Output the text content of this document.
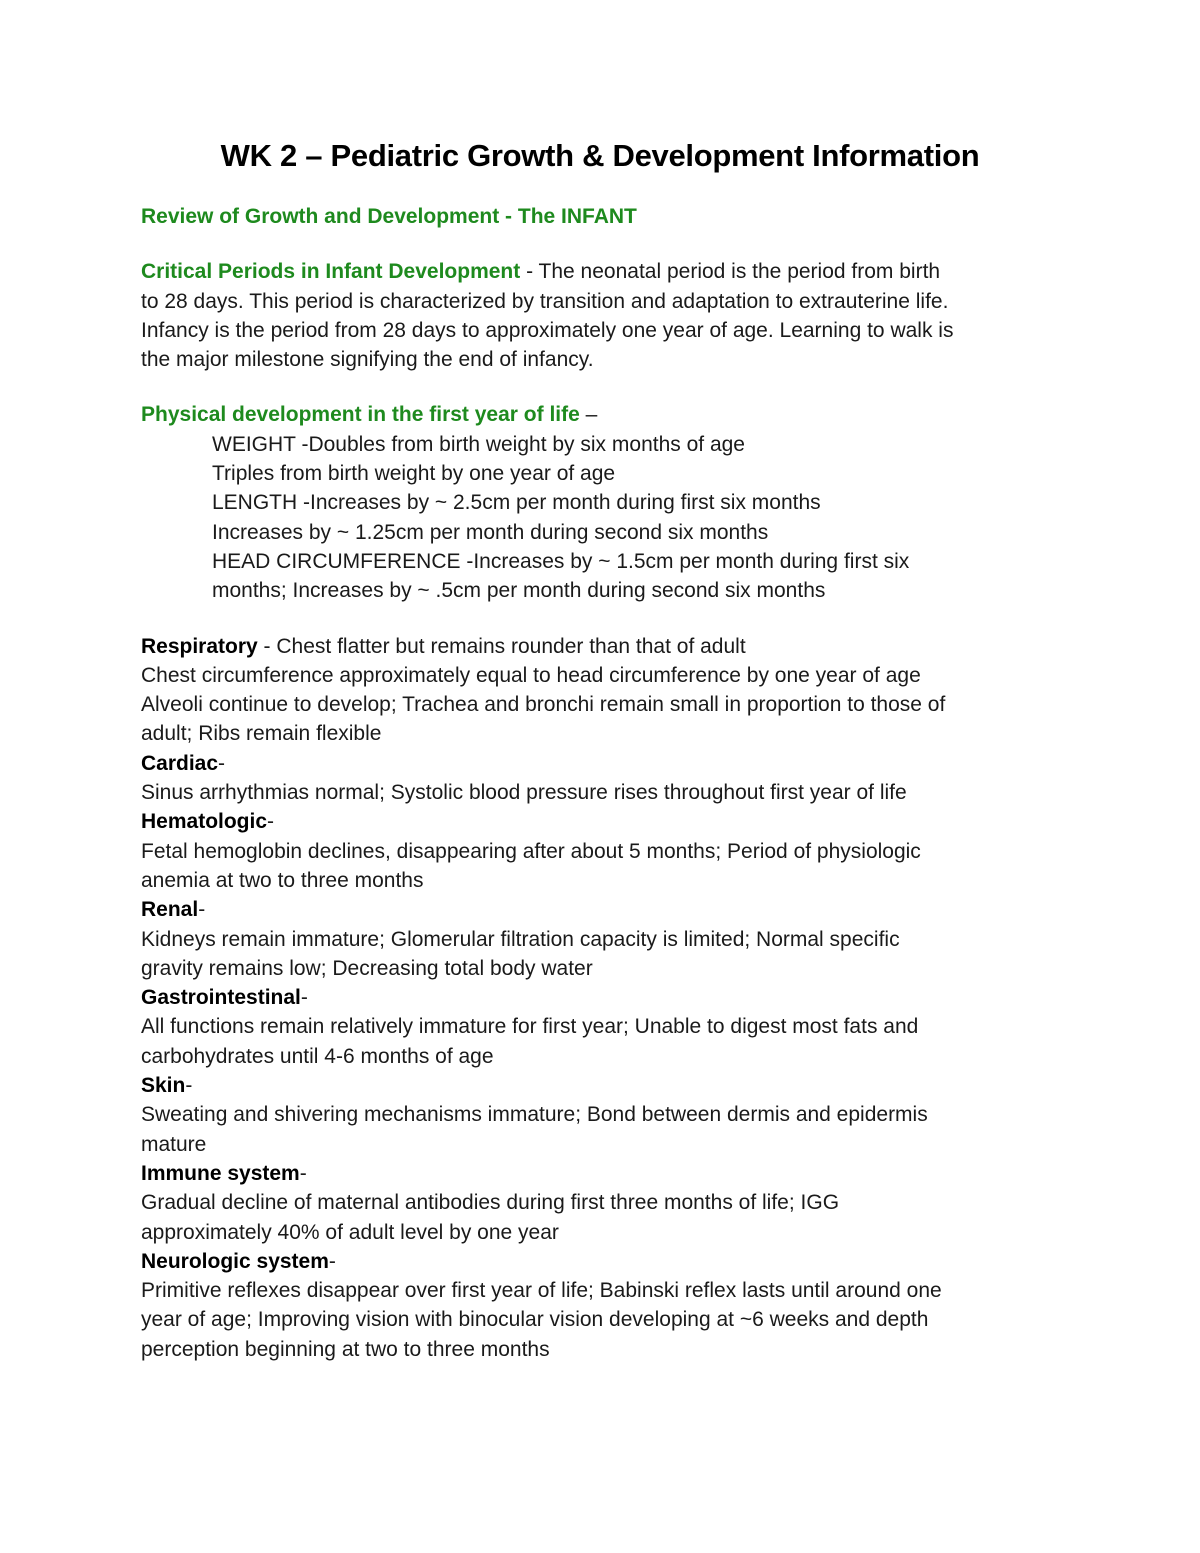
WK 2 – Pediatric Growth & Development Information

Review of Growth and Development - The INFANT

Critical Periods in Infant Development - The neonatal period is the period from birth
to 28 days. This period is characterized by transition and adaptation to extrauterine life.
Infancy is the period from 28 days to approximately one year of age. Learning to walk is
the major milestone signifying the end of infancy.

Physical development in the first year of life –

WEIGHT -Doubles from birth weight by six months of age
Triples from birth weight by one year of age
LENGTH -Increases by ~ 2.5cm per month during first six months
Increases by ~ 1.25cm per month during second six months
HEAD CIRCUMFERENCE -Increases by ~ 1.5cm per month during first six
months; Increases by ~ .5cm per month during second six months

Respiratory - Chest flatter but remains rounder than that of adult
Chest circumference approximately equal to head circumference by one year of age
Alveoli continue to develop; Trachea and bronchi remain small in proportion to those of
adult; Ribs remain flexible

Cardiac-
Sinus arrhythmias normal; Systolic blood pressure rises throughout first year of life
Hematologic-
Fetal hemoglobin declines, disappearing after about 5 months; Period of physiologic
anemia at two to three months
Renal-
Kidneys remain immature; Glomerular filtration capacity is limited; Normal specific
gravity remains low; Decreasing total body water
Gastrointestinal-
All functions remain relatively immature for first year; Unable to digest most fats and
carbohydrates until 4-6 months of age
Skin-
Sweating and shivering mechanisms immature; Bond between dermis and epidermis
mature
Immune system-
Gradual decline of maternal antibodies during first three months of life; IGG
approximately 40% of adult level by one year
Neurologic system-
Primitive reflexes disappear over first year of life; Babinski reflex lasts until around one
year of age; Improving vision with binocular vision developing at ~6 weeks and depth
perception beginning at two to three months
